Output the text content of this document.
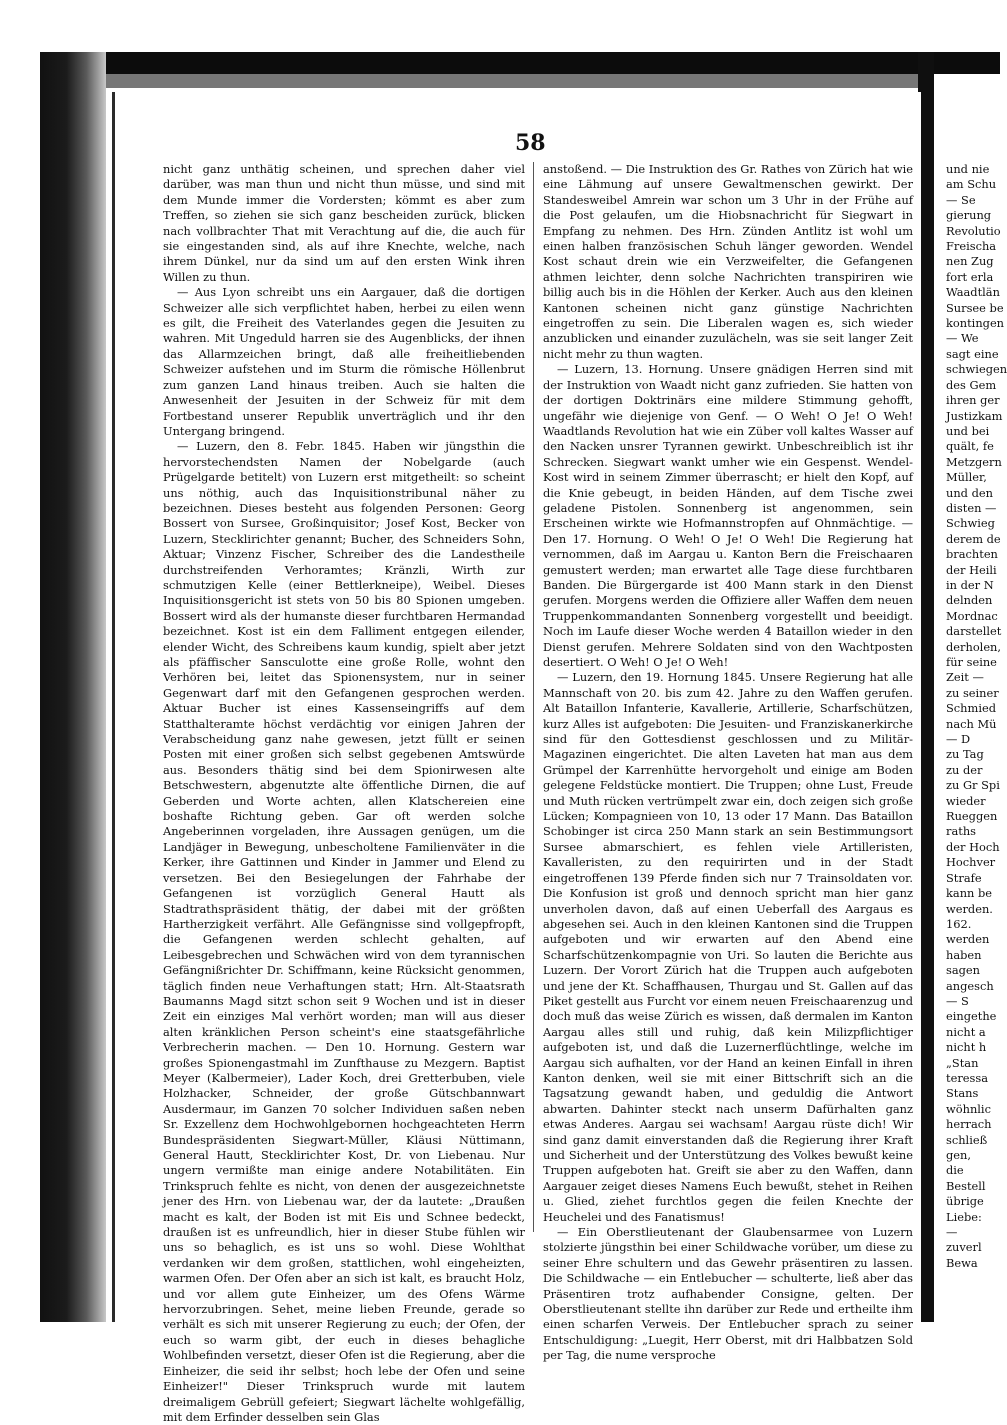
58

nicht ganz unthätig scheinen, und sprechen daher viel darüber, was man thun und nicht thun müsse, und sind mit dem Munde immer die Vordersten; kömmt es aber zum Treffen, so ziehen sie sich ganz bescheiden zurück, blicken nach vollbrachter That mit Verachtung auf die, die auch für sie eingestanden sind, als auf ihre Knechte, welche, nach ihrem Dünkel, nur da sind um auf den ersten Wink ihren Willen zu thun.

— Aus Lyon schreibt uns ein Aargauer, daß die dortigen Schweizer alle sich verpflichtet haben, herbei zu eilen wenn es gilt, die Freiheit des Vaterlandes gegen die Jesuiten zu wahren. Mit Ungeduld harren sie des Augenblicks, der ihnen das Allarmzeichen bringt, daß alle freiheitliebenden Schweizer aufstehen und im Sturm die römische Höllenbrut zum ganzen Land hinaus treiben. Auch sie halten die Anwesenheit der Jesuiten in der Schweiz für mit dem Fortbestand unserer Republik unverträglich und ihr den Untergang bringend.

— Luzern, den 8. Febr. 1845. Haben wir jüngsthin die hervorstechendsten Namen der Nobelgarde (auch Prügelgarde betitelt) von Luzern erst mitgetheilt: so scheint uns nöthig, auch das Inquisitionstribunal näher zu bezeichnen. Dieses besteht aus folgenden Personen: Georg Bossert von Sursee, Großinquisitor; Josef Kost, Becker von Luzern, Stecklirichter genannt; Bucher, des Schneiders Sohn, Aktuar; Vinzenz Fischer, Schreiber des die Landestheile durchstreifenden Verhoramtes; Kränzli, Wirth zur schmutzigen Kelle (einer Bettlerkneipe), Weibel. Dieses Inquisitionsgericht ist stets von 50 bis 80 Spionen umgeben. Bossert wird als der humanste dieser furchtbaren Hermandad bezeichnet. Kost ist ein dem Falliment entgegen eilender, elender Wicht, des Schreibens kaum kundig, spielt aber jetzt als pfäffischer Sansculotte eine große Rolle, wohnt den Verhören bei, leitet das Spionensystem, nur in seiner Gegenwart darf mit den Gefangenen gesprochen werden. Aktuar Bucher ist eines Kassenseingriffs auf dem Statthalteramte höchst verdächtig vor einigen Jahren der Verabscheidung ganz nahe gewesen, jetzt füllt er seinen Posten mit einer großen sich selbst gegebenen Amtswürde aus. Besonders thätig sind bei dem Spionirwesen alte Betschwestern, abgenutzte alte öffentliche Dirnen, die auf Geberden und Worte achten, allen Klatschereien eine boshafte Richtung geben. Gar oft werden solche Angeberinnen vorgeladen, ihre Aussagen genügen, um die Landjäger in Bewegung, unbescholtene Familienväter in die Kerker, ihre Gattinnen und Kinder in Jammer und Elend zu versetzen. Bei den Besiegelungen der Fahrhabe der Gefangenen ist vorzüglich General Hautt als Stadtrathspräsident thätig, der dabei mit der größten Hartherzigkeit verfährt. Alle Gefängnisse sind vollgepfropft, die Gefangenen werden schlecht gehalten, auf Leibesgebrechen und Schwächen wird von dem tyrannischen Gefängnißrichter Dr. Schiffmann, keine Rücksicht genommen, täglich finden neue Verhaftungen statt; Hrn. Alt-Staatsrath Baumanns Magd sitzt schon seit 9 Wochen und ist in dieser Zeit ein einziges Mal verhört worden; man will aus dieser alten kränklichen Person scheint's eine staatsgefährliche Verbrecherin machen. — Den 10. Hornung. Gestern war großes Spionengastmahl im Zunfthause zu Mezgern. Baptist Meyer (Kalbermeier), Lader Koch, drei Gretterbuben, viele Holzhacker, Schneider, der große Gütschbannwart Ausdermaur, im Ganzen 70 solcher Individuen saßen neben Sr. Exzellenz dem Hochwohlgebornen hochgeachteten Herrn Bundespräsidenten Siegwart-Müller, Kläusi Nüttimann, General Hautt, Stecklirichter Kost, Dr. von Liebenau. Nur ungern vermißte man einige andere Notabilitäten. Ein Trinkspruch fehlte es nicht, von denen der ausgezeichnetste jener des Hrn. von Liebenau war, der da lautete: „Draußen macht es kalt, der Boden ist mit Eis und Schnee bedeckt, draußen ist es unfreundlich, hier in dieser Stube fühlen wir uns so behaglich, es ist uns so wohl. Diese Wohlthat verdanken wir dem großen, stattlichen, wohl eingeheizten, warmen Ofen. Der Ofen aber an sich ist kalt, es braucht Holz, und vor allem gute Einheizer, um des Ofens Wärme hervorzubringen. Sehet, meine lieben Freunde, gerade so verhält es sich mit unserer Regierung zu euch; der Ofen, der euch so warm gibt, der euch in dieses behagliche Wohlbefinden versetzt, dieser Ofen ist die Regierung, aber die Einheizer, die seid ihr selbst; hoch lebe der Ofen und seine Einheizer!" Dieser Trinkspruch wurde mit lautem dreimaligem Gebrüll gefeiert; Siegwart lächelte wohlgefällig, mit dem Erfinder desselben sein Glas

anstoßend. — Die Instruktion des Gr. Rathes von Zürich hat wie eine Lähmung auf unsere Gewaltmenschen gewirkt. Der Standesweibel Amrein war schon um 3 Uhr in der Frühe auf die Post gelaufen, um die Hiobsnachricht für Siegwart in Empfang zu nehmen. Des Hrn. Zünden Antlitz ist wohl um einen halben französischen Schuh länger geworden. Wendel Kost schaut drein wie ein Verzweifelter, die Gefangenen athmen leichter, denn solche Nachrichten transpiriren wie billig auch bis in die Höhlen der Kerker. Auch aus den kleinen Kantonen scheinen nicht ganz günstige Nachrichten eingetroffen zu sein. Die Liberalen wagen es, sich wieder anzublicken und einander zuzulächeln, was sie seit langer Zeit nicht mehr zu thun wagten.

— Luzern, 13. Hornung. Unsere gnädigen Herren sind mit der Instruktion von Waadt nicht ganz zufrieden. Sie hatten von der dortigen Doktrinärs eine mildere Stimmung gehofft, ungefähr wie diejenige von Genf. — O Weh! O Je! O Weh! Waadtlands Revolution hat wie ein Züber voll kaltes Wasser auf den Nacken unsrer Tyrannen gewirkt. Unbeschreiblich ist ihr Schrecken. Siegwart wankt umher wie ein Gespenst. Wendel-Kost wird in seinem Zimmer überrascht; er hielt den Kopf, auf die Knie gebeugt, in beiden Händen, auf dem Tische zwei geladene Pistolen. Sonnenberg ist angenommen, sein Erscheinen wirkte wie Hofmannstropfen auf Ohnmächtige. — Den 17. Hornung. O Weh! O Je! O Weh! Die Regierung hat vernommen, daß im Aargau u. Kanton Bern die Freischaaren gemustert werden; man erwartet alle Tage diese furchtbaren Banden. Die Bürgergarde ist 400 Mann stark in den Dienst gerufen. Morgens werden die Offiziere aller Waffen dem neuen Truppenkommandanten Sonnenberg vorgestellt und beeidigt. Noch im Laufe dieser Woche werden 4 Bataillon wieder in den Dienst gerufen. Mehrere Soldaten sind von den Wachtposten desertiert. O Weh! O Je! O Weh!

— Luzern, den 19. Hornung 1845. Unsere Regierung hat alle Mannschaft von 20. bis zum 42. Jahre zu den Waffen gerufen. Alt Bataillon Infanterie, Kavallerie, Artillerie, Scharfschützen, kurz Alles ist aufgeboten: Die Jesuiten- und Franziskanerkirche sind für den Gottesdienst geschlossen und zu Militär-Magazinen eingerichtet. Die alten Laveten hat man aus dem Grümpel der Karrenhütte hervorgeholt und einige am Boden gelegene Feldstücke montiert. Die Truppen; ohne Lust, Freude und Muth rücken vertrümpelt zwar ein, doch zeigen sich große Lücken; Kompagnieen von 10, 13 oder 17 Mann. Das Bataillon Schobinger ist circa 250 Mann stark an sein Bestimmungsort Sursee abmarschiert, es fehlen viele Artilleristen, Kavalleristen, zu den requirirten und in der Stadt eingetroffenen 139 Pferde finden sich nur 7 Trainsoldaten vor. Die Konfusion ist groß und dennoch spricht man hier ganz unverholen davon, daß auf einen Ueberfall des Aargaus es abgesehen sei. Auch in den kleinen Kantonen sind die Truppen aufgeboten und wir erwarten auf den Abend eine Scharfschützenkompagnie von Uri. So lauten die Berichte aus Luzern. Der Vorort Zürich hat die Truppen auch aufgeboten und jene der Kt. Schaffhausen, Thurgau und St. Gallen auf das Piket gestellt aus Furcht vor einem neuen Freischaarenzug und doch muß das weise Zürich es wissen, daß dermalen im Kanton Aargau alles still und ruhig, daß kein Milizpflichtiger aufgeboten ist, und daß die Luzernerflüchtlinge, welche im Aargau sich aufhalten, vor der Hand an keinen Einfall in ihren Kanton denken, weil sie mit einer Bittschrift sich an die Tagsatzung gewandt haben, und geduldig die Antwort abwarten. Dahinter steckt nach unserm Dafürhalten ganz etwas Anderes. Aargau sei wachsam! Aargau rüste dich! Wir sind ganz damit einverstanden daß die Regierung ihrer Kraft und Sicherheit und der Unterstützung des Volkes bewußt keine Truppen aufgeboten hat. Greift sie aber zu den Waffen, dann Aargauer zeiget dieses Namens Euch bewußt, stehet in Reihen u. Glied, ziehet furchtlos gegen die feilen Knechte der Heuchelei und des Fanatismus!

— Ein Oberstlieutenant der Glaubensarmee von Luzern stolzierte jüngsthin bei einer Schildwache vorüber, um diese zu seiner Ehre schultern und das Gewehr präsentiren zu lassen. Die Schildwache — ein Entlebucher — schulterte, ließ aber das Präsentiren trotz aufhabender Consigne, gelten. Der Oberstlieutenant stellte ihn darüber zur Rede und ertheilte ihm einen scharfen Verweis. Der Entlebucher sprach zu seiner Entschuldigung: „Luegit, Herr Oberst, mit dri Halbbatzen Sold per Tag, die nume versproche

und nie
am Schu
— Se
gierung
Revolutio
Freischa
nen Zug
fort erla
Waadtlän
Sursee be
kontingen
— We
sagt eine
schwiegen
des Gem
ihren ger
Justizkam
und bei
quält, fe
Metzgern
Müller,
und den
disten —
Schwieg
derem de
brachten
der Heili
in der N
delnden
Mordnac
darstellet
derholen,
für seine
Zeit —
zu seiner
Schmied
nach Mü
— D
zu Tag
zu der
zu Gr Spi
wieder
Rueggen
raths
der Hoch
Hochver
Strafe
kann be
werden.
162.
werden
haben
sagen
angesch
— S
eingethe
nicht a
nicht h
„Stan
teressa
Stans
wöhnlic
herrach
schließ
gen,
die
Bestell
übrige
Liebe:
—
zuverl
Bewa
